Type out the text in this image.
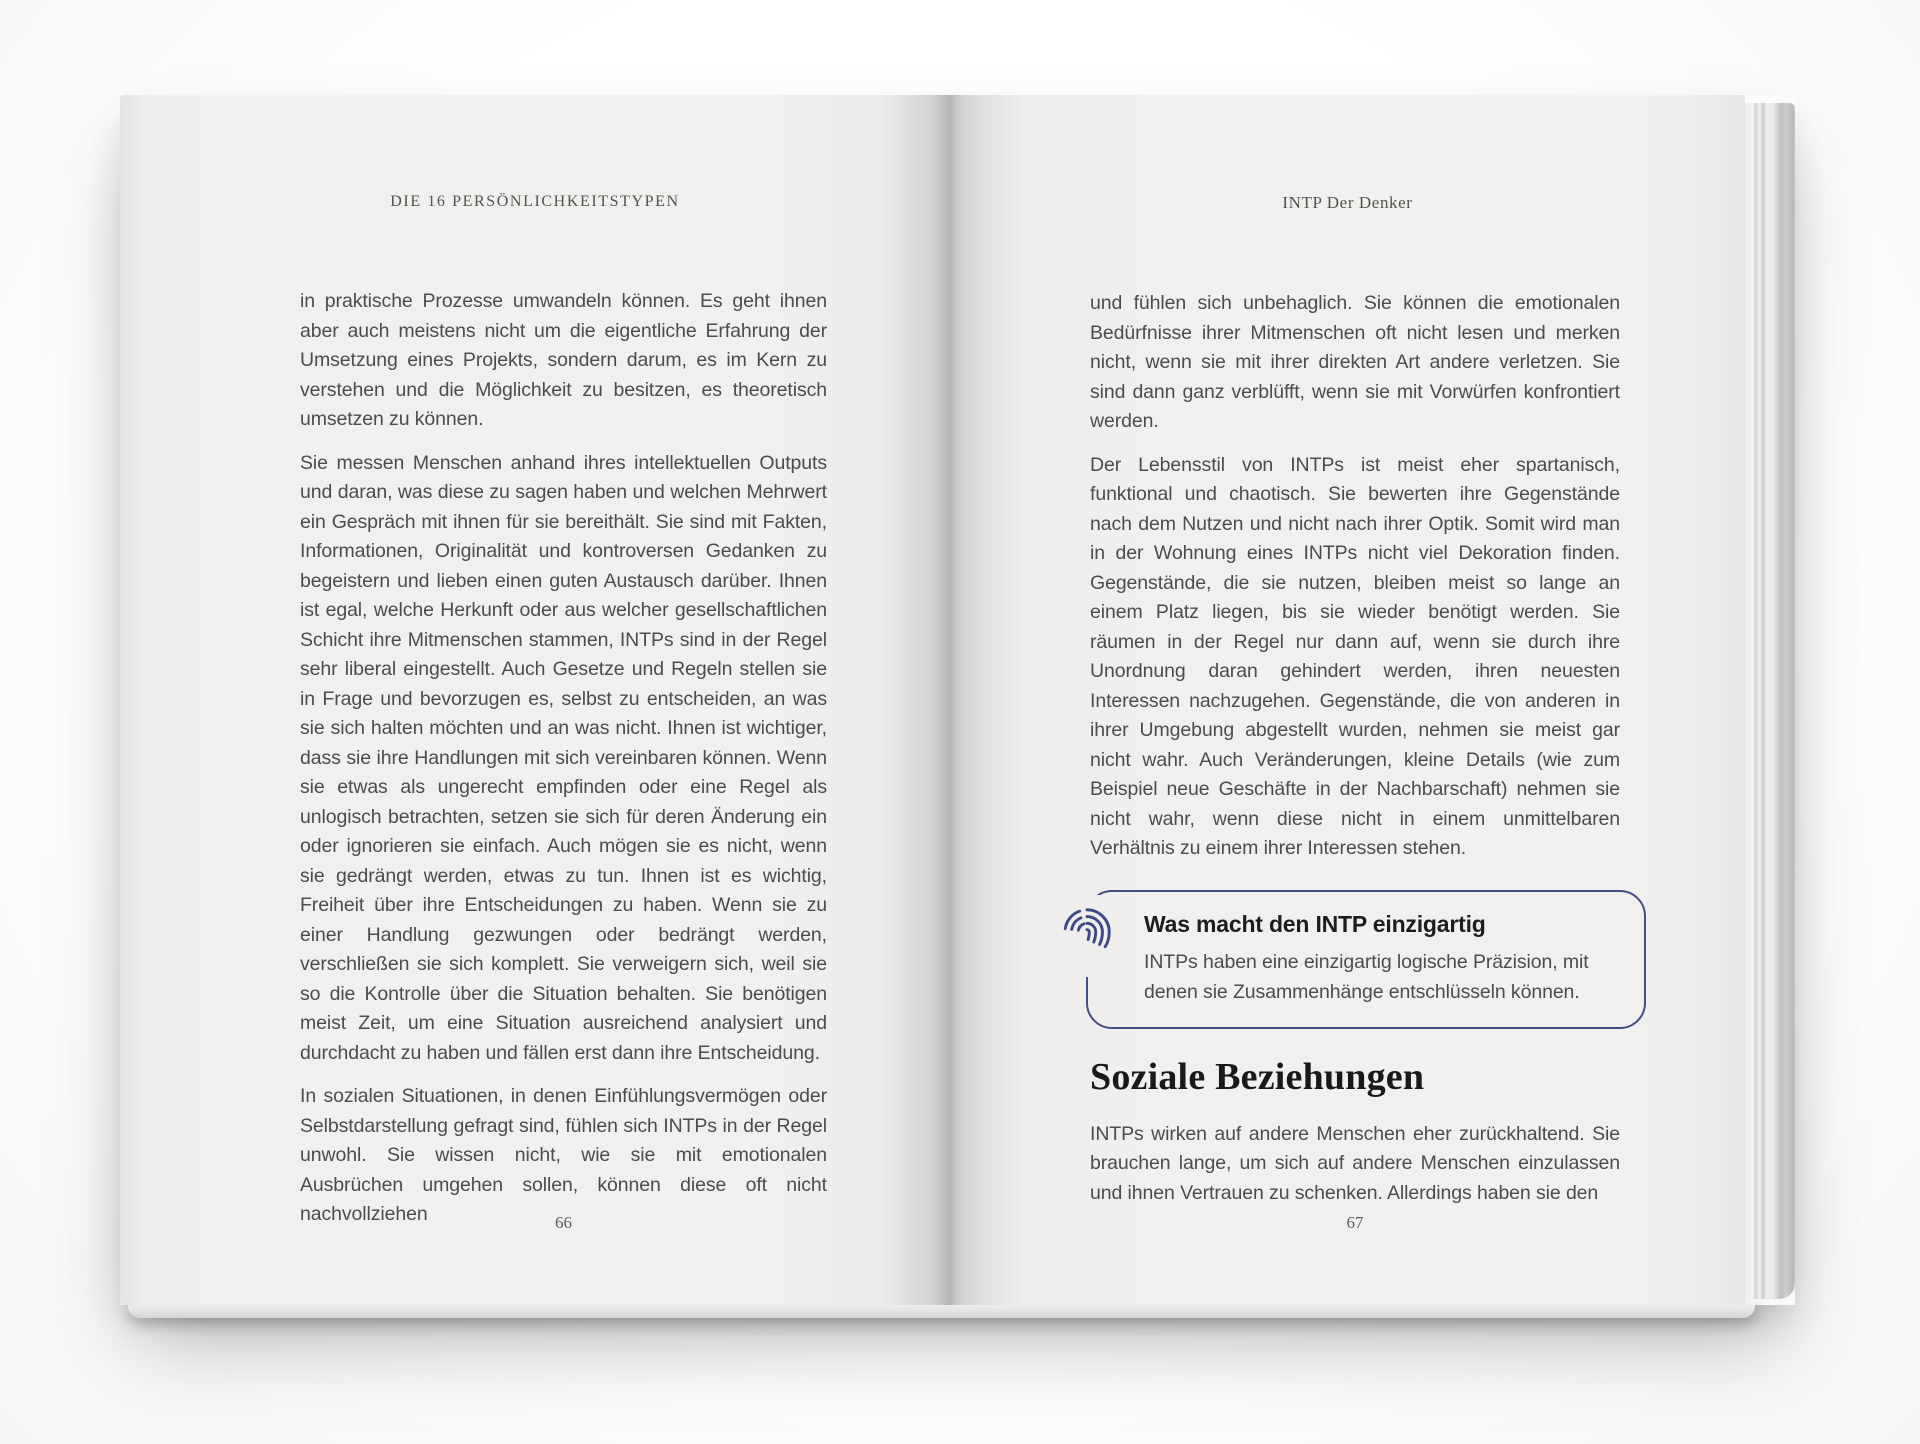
DIE 16 PERSÖNLICHKEITSTYPEN

in praktische Prozesse umwandeln können. Es geht ihnen aber auch meistens nicht um die eigentliche Erfahrung der Umsetzung eines Projekts, sondern darum, es im Kern zu verstehen und die Möglichkeit zu besitzen, es theoretisch umsetzen zu können.

Sie messen Menschen anhand ihres intellektuellen Outputs und daran, was diese zu sagen haben und welchen Mehrwert ein Gespräch mit ihnen für sie bereithält. Sie sind mit Fakten, Informationen, Originalität und kontroversen Gedanken zu begeistern und lieben einen guten Austausch darüber. Ihnen ist egal, welche Herkunft oder aus welcher gesellschaftlichen Schicht ihre Mitmenschen stammen, INTPs sind in der Regel sehr liberal eingestellt. Auch Gesetze und Regeln stellen sie in Frage und bevorzugen es, selbst zu entscheiden, an was sie sich halten möchten und an was nicht. Ihnen ist wichtiger, dass sie ihre Handlungen mit sich vereinbaren können. Wenn sie etwas als ungerecht empfinden oder eine Regel als unlogisch betrachten, setzen sie sich für deren Änderung ein oder ignorieren sie einfach. Auch mögen sie es nicht, wenn sie gedrängt werden, etwas zu tun. Ihnen ist es wichtig, Freiheit über ihre Entscheidungen zu haben. Wenn sie zu einer Handlung gezwungen oder bedrängt werden, verschließen sie sich komplett. Sie verweigern sich, weil sie so die Kontrolle über die Situation behalten. Sie benötigen meist Zeit, um eine Situation ausreichend analysiert und durchdacht zu haben und fällen erst dann ihre Entscheidung.

In sozialen Situationen, in denen Einfühlungsvermögen oder Selbstdarstellung gefragt sind, fühlen sich INTPs in der Regel unwohl. Sie wissen nicht, wie sie mit emotionalen Ausbrüchen umgehen sollen, können diese oft nicht nachvollziehen	66
INTP Der Denker

und fühlen sich unbehaglich. Sie können die emotionalen Bedürfnisse ihrer Mitmenschen oft nicht lesen und merken nicht, wenn sie mit ihrer direkten Art andere verletzen. Sie sind dann ganz verblüfft, wenn sie mit Vorwürfen konfrontiert werden.

Der Lebensstil von INTPs ist meist eher spartanisch, funktional und chaotisch. Sie bewerten ihre Gegenstände nach dem Nutzen und nicht nach ihrer Optik. Somit wird man in der Wohnung eines INTPs nicht viel Dekoration finden. Gegenstände, die sie nutzen, bleiben meist so lange an einem Platz liegen, bis sie wieder benötigt werden. Sie räumen in der Regel nur dann auf, wenn sie durch ihre Unordnung daran gehindert werden, ihren neuesten Interessen nachzugehen. Gegenstände, die von anderen in ihrer Umgebung abgestellt wurden, nehmen sie meist gar nicht wahr. Auch Veränderungen, kleine Details (wie zum Beispiel neue Geschäfte in der Nachbarschaft) nehmen sie nicht wahr, wenn diese nicht in einem unmittelbaren Verhältnis zu einem ihrer Interessen stehen.

Was macht den INTP einzigartig

INTPs haben eine einzigartig logische Präzision, mit denen sie Zusammenhänge entschlüsseln können.

Soziale Beziehungen

INTPs wirken auf andere Menschen eher zurückhaltend. Sie brauchen lange, um sich auf andere Menschen einzulassen und ihnen Vertrauen zu schenken. Allerdings haben sie den

67
